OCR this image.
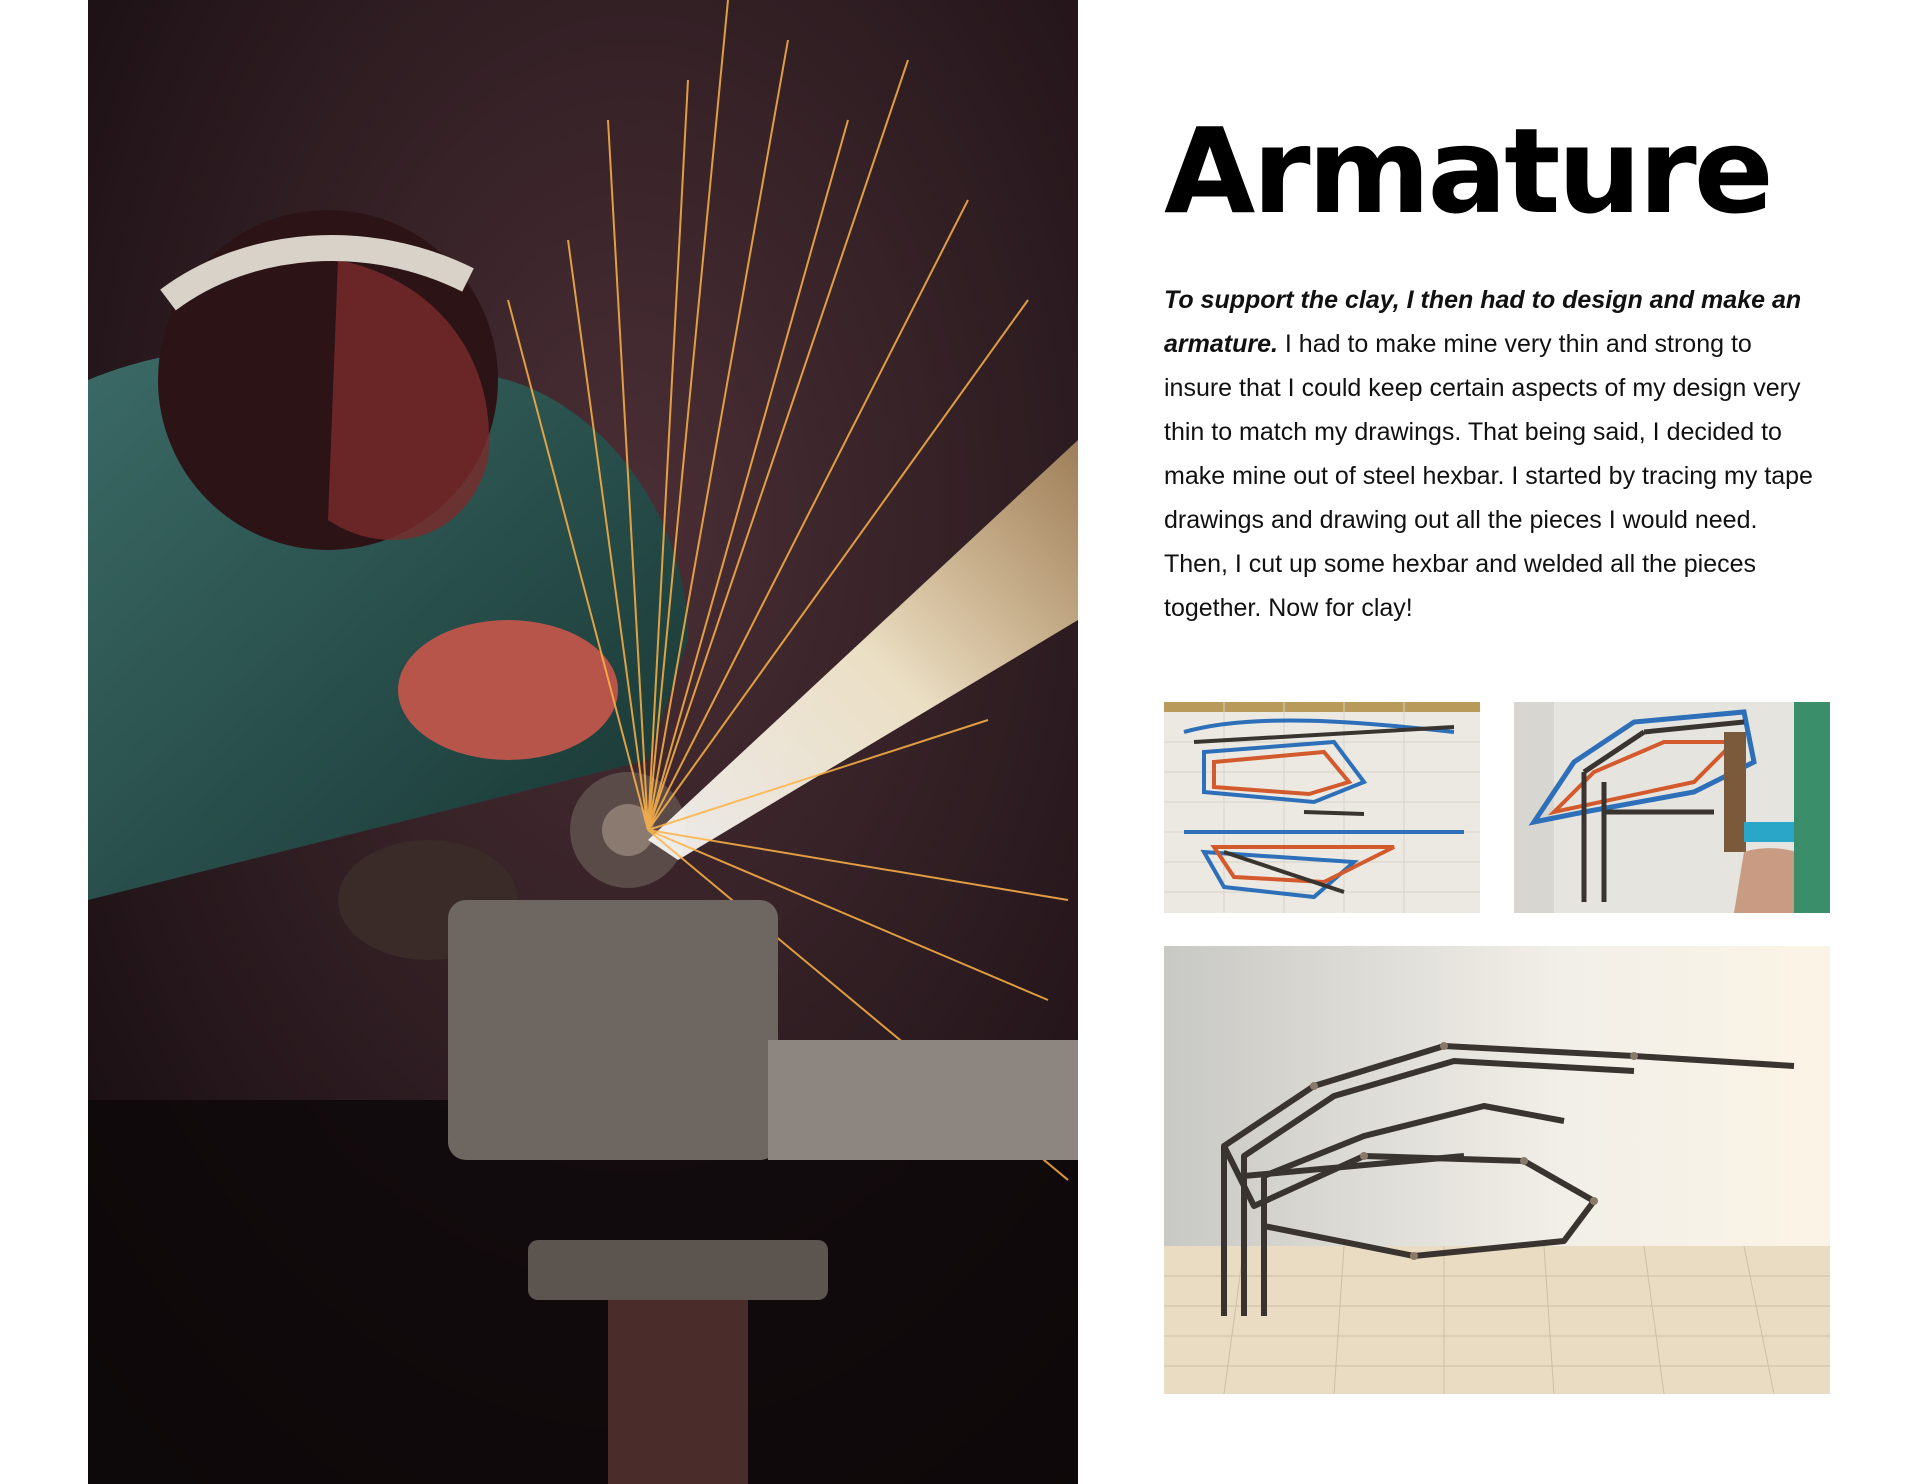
Armature

To support the clay, I then had to design and make an armature. I had to make mine very thin and strong to insure that I could keep certain aspects of my design very thin to match my drawings. That being said, I decided to make mine out of steel hexbar. I started by tracing my tape drawings and drawing out all the pieces I would need. Then, I cut up some hexbar and welded all the pieces together. Now for clay!
